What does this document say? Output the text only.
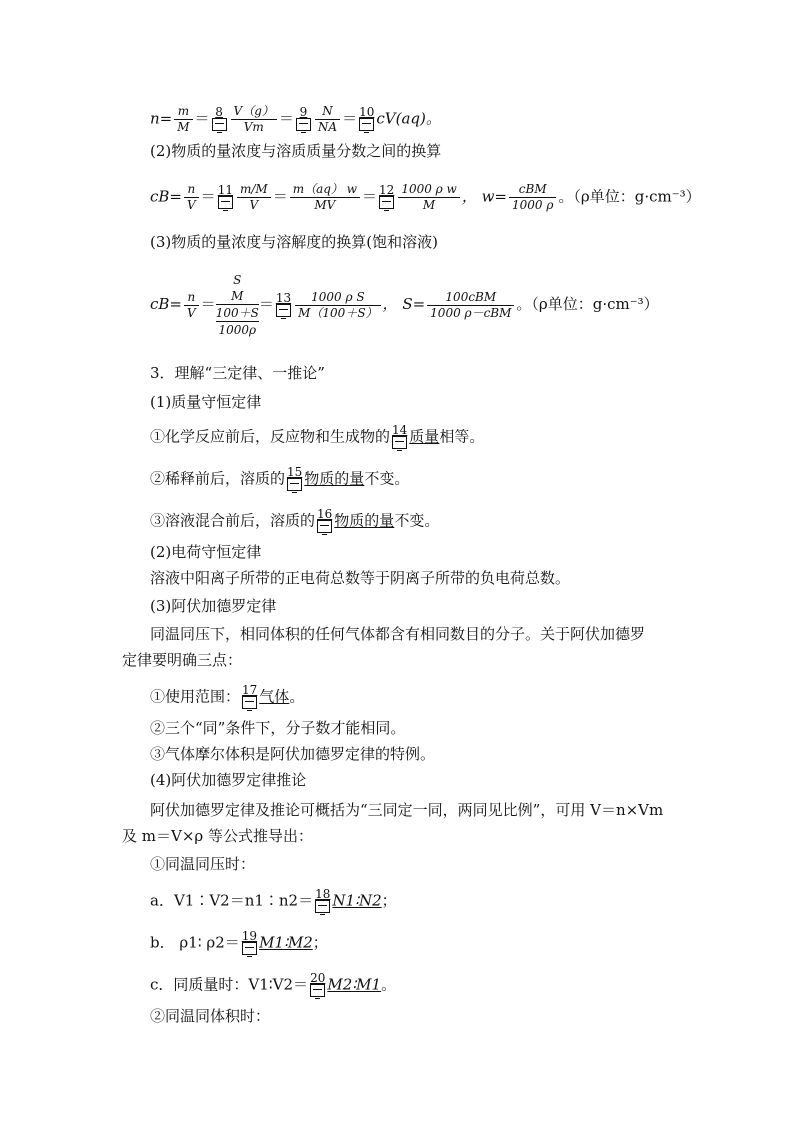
$n= \frac{m}{M} = 8 \frac{V(g)}{Vm} = 9 \frac{N}{NA} = 10$ cV(aq)。
(2)物质的量浓度与溶质质量分数之间的换算
$cB= \frac{n}{V} = 11 \frac{m/M}{V} = \frac{m(aq) w}{MV} = 12 \frac{\text{1000 ρ w}}{M}$ ， $w= \frac{\text{cBM}}{1000 \rho}$ 。（ρ单位：g·cm⁻³）
(3)物质的量浓度与溶解度的换算(饱和溶液)
$cB= \frac{n}{V}$ ＝
S
M
100＋S
1000ρ
＝ $13 \frac{\text{1000 ρ S}}{M(100+S)}$ ， $S= \frac{\text{100cBM}}{\text{1000 ρ－cBM}}$ 。（ρ单位：g·cm⁻³）
3．理解“三定律、一推论”
(1)质量守恒定律
①化学反应前后，反应物和生成物的 14 质量相等。
②稀释前后，溶质的 15 物质的量不变。
③溶液混合前后，溶质的 16 物质的量不变。
(2)电荷守恒定律
溶液中阳离子所带的正电荷总数等于阴离子所带的负电荷总数。
(3)阿伏加德罗定律
同温同压下，相同体积的任何气体都含有相同数目的分子。关于阿伏加德罗
定律要明确三点：
①使用范围： 17 气体。
②三个“同”条件下，分子数才能相同。
③气体摩尔体积是阿伏加德罗定律的特例。
(4)阿伏加德罗定律推论
阿伏加德罗定律及推论可概括为“三同定一同，两同见比例”，可用 V＝n×Vm
及 m＝V×ρ 等公式推导出：
①同温同压时：
a．V1∶V2＝n1∶n2＝ 18 N1∶N2；
b． ρ1∶ ρ2＝ 19 M1∶M2；
c．同质量时：V1∶V2＝ 20 M2∶M1。
②同温同体积时：
